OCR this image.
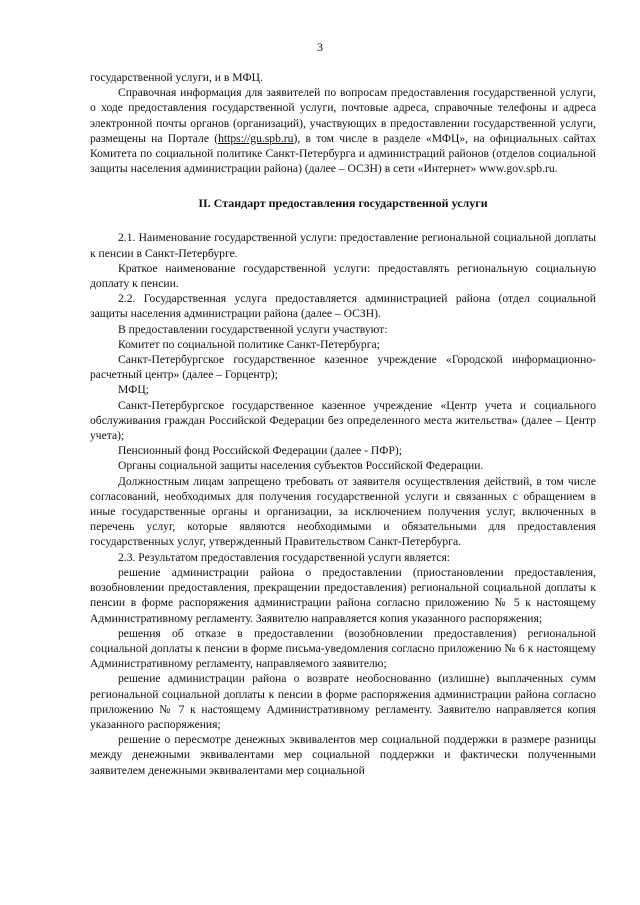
3

государственной услуги, и в МФЦ.

Справочная информация для заявителей по вопросам предоставления государственной услуги, о ходе предоставления государственной услуги, почтовые адреса, справочные телефоны и адреса электронной почты органов (организаций), участвующих в предоставлении государственной услуги, размещены на Портале (https://gu.spb.ru), в том числе в разделе «МФЦ», на официальных сайтах Комитета по социальной политике Санкт-Петербурга и администраций районов (отделов социальной защиты населения администрации района) (далее – ОСЗН) в сети «Интернет» www.gov.spb.ru.

II. Стандарт предоставления государственной услуги

2.1. Наименование государственной услуги: предоставление региональной социальной доплаты к пенсии в Санкт-Петербурге.

Краткое наименование государственной услуги: предоставлять региональную социальную доплату к пенсии.

2.2. Государственная услуга предоставляется администрацией района (отдел социальной защиты населения администрации района (далее – ОСЗН).

В предоставлении государственной услуги участвуют:

Комитет по социальной политике Санкт-Петербурга;

Санкт-Петербургское государственное казенное учреждение «Городской информационно-расчетный центр» (далее – Горцентр);

МФЦ;

Санкт-Петербургское государственное казенное учреждение «Центр учета и социального обслуживания граждан Российской Федерации без определенного места жительства» (далее – Центр учета);

Пенсионный фонд Российской Федерации (далее - ПФР);

Органы социальной защиты населения субъектов Российской Федерации.

Должностным лицам запрещено требовать от заявителя осуществления действий, в том числе согласований, необходимых для получения государственной услуги и связанных с обращением в иные государственные органы и организации, за исключением получения услуг, включенных в перечень услуг, которые являются необходимыми и обязательными для предоставления государственных услуг, утвержденный Правительством Санкт-Петербурга.

2.3. Результатом предоставления государственной услуги является:

решение администрации района о предоставлении (приостановлении предоставления, возобновлении предоставления, прекращении предоставления) региональной социальной доплаты к пенсии в форме распоряжения администрации района согласно приложению № 5 к настоящему Административному регламенту. Заявителю направляется копия указанного распоряжения;

решения об отказе в предоставлении (возобновлении предоставления) региональной социальной доплаты к пенсии в форме письма-уведомления согласно приложению № 6 к настоящему Административному регламенту, направляемого заявителю;

решение администрации района о возврате необоснованно (излишне) выплаченных сумм региональной социальной доплаты к пенсии в форме распоряжения администрации района согласно приложению № 7 к настоящему Административному регламенту. Заявителю направляется копия указанного распоряжения;

решение о пересмотре денежных эквивалентов мер социальной поддержки в размере разницы между денежными эквивалентами мер социальной поддержки и фактически полученными заявителем денежными эквивалентами мер социальной
